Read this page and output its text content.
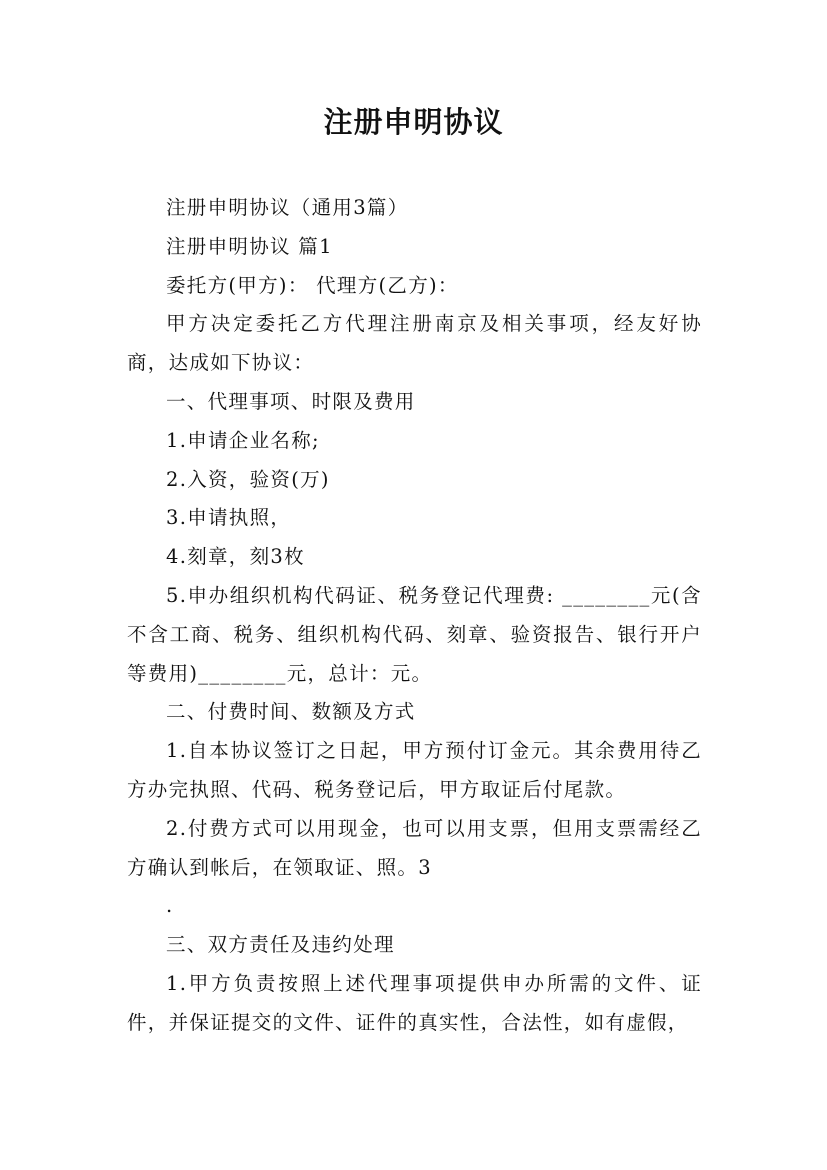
注册申明协议

注册申明协议（通用3篇）

注册申明协议 篇1

委托方(甲方)： 代理方(乙方)：

甲方决定委托乙方代理注册南京及相关事项，经友好协商，达成如下协议：

一、代理事项、时限及费用

1.申请企业名称;

2.入资，验资(万)

3.申请执照，

4.刻章，刻3枚

5.申办组织机构代码证、税务登记代理费: ________元(含不含工商、税务、组织机构代码、刻章、验资报告、银行开户等费用)________元，总计：元。

二、付费时间、数额及方式

1.自本协议签订之日起，甲方预付订金元。其余费用待乙方办完执照、代码、税务登记后，甲方取证后付尾款。

2.付费方式可以用现金，也可以用支票，但用支票需经乙方确认到帐后，在领取证、照。3

.

三、双方责任及违约处理

1.甲方负责按照上述代理事项提供申办所需的文件、证件，并保证提交的文件、证件的真实性，合法性，如有虚假，
